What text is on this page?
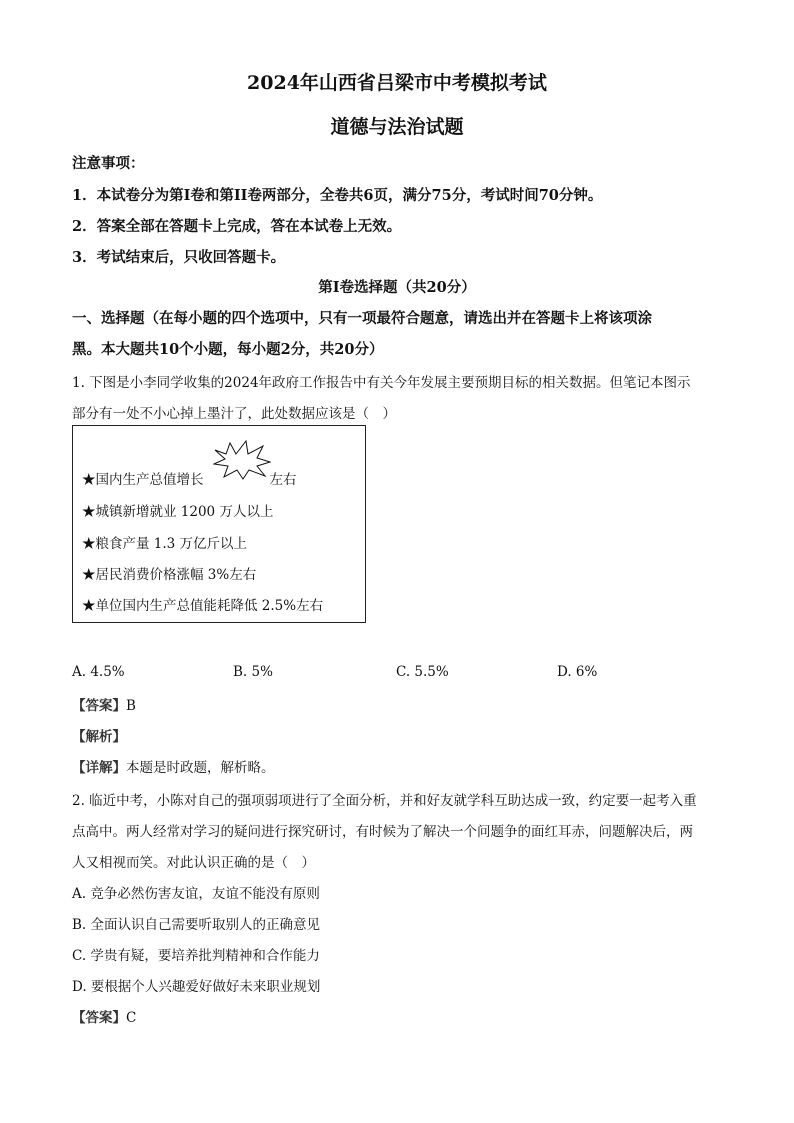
2024年山西省吕梁市中考模拟考试
道德与法治试题
注意事项：
1．本试卷分为第Ⅰ卷和第ⅠⅠ卷两部分，全卷共6页，满分75分，考试时间70分钟。
2．答案全部在答题卡上完成，答在本试卷上无效。
3．考试结束后，只收回答题卡。
第Ⅰ卷选择题（共20分）
一、选择题（在每小题的四个选项中，只有一项最符合题意，请选出并在答题卡上将该项涂
黑。本大题共10个小题，每小题2分，共20分）
1. 下图是小李同学收集的2024年政府工作报告中有关今年发展主要预期目标的相关数据。但笔记本图示
部分有一处不小心掉上墨汁了，此处数据应该是（　）
★国内生产总值增长	左右
★城镇新增就业 1200 万人以上
★粮食产量 1.3 万亿斤以上
★居民消费价格涨幅 3%左右
★单位国内生产总值能耗降低 2.5%左右
A. 4.5%	B. 5%	C. 5.5%	D. 6%
【答案】B
【解析】
【详解】本题是时政题，解析略。
2. 临近中考，小陈对自己的强项弱项进行了全面分析，并和好友就学科互助达成一致，约定要一起考入重
点高中。两人经常对学习的疑问进行探究研讨，有时候为了解决一个问题争的面红耳赤，问题解决后，两
人又相视而笑。对此认识正确的是（　）
A. 竞争必然伤害友谊，友谊不能没有原则
B. 全面认识自己需要听取别人的正确意见
C. 学贵有疑，要培养批判精神和合作能力
D. 要根据个人兴趣爱好做好未来职业规划
【答案】C
